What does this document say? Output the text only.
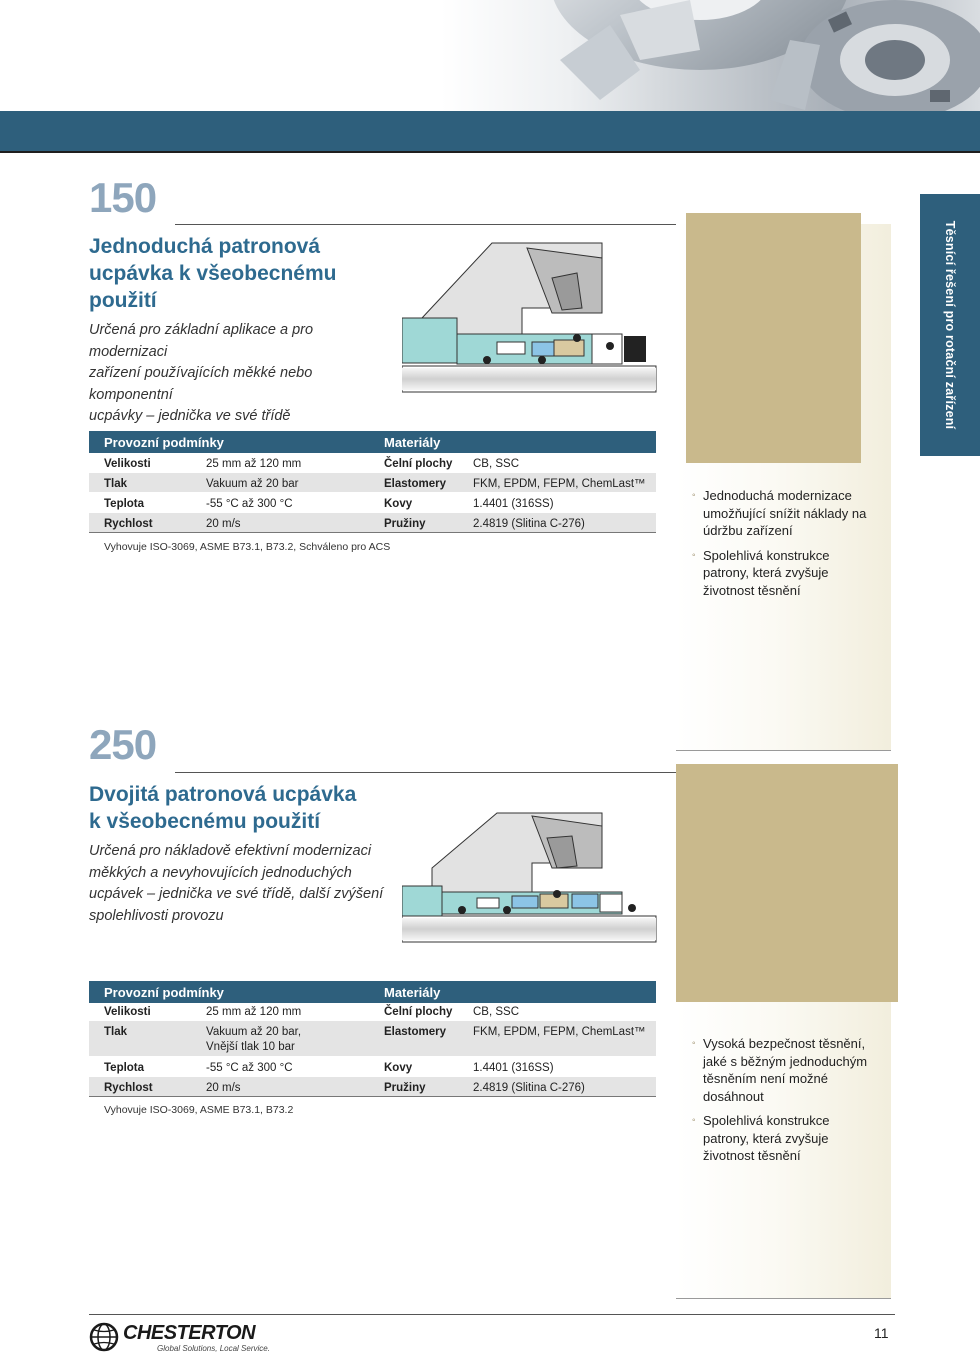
Těsnící řešení pro rotační zařízení
150
Jednoduchá patronová
ucpávka k všeobecnému
použití
Určená pro základní aplikace a pro modernizaci
zařízení používajících měkké nebo komponentní
ucpávky – jednička ve své třídě
Provozní podmínky	Materiály
Velikosti	25 mm až 120 mm	Čelní plochy CB, SSC
Tlak	Vakuum až 20 bar	Elastomery FKM, EPDM, FEPM, ChemLast™
Teplota	-55 °C až 300 °C	Kovy	1.4401 (316SS)
Rychlost	20 m/s	Pružiny	2.4819 (Slitina C-276)
Vyhovuje ISO-3069, ASME B73.1, B73.2, Schváleno pro ACS
◦ Jednoduchá modernizace umožňující snížit náklady na údržbu zařízení
◦ Spolehlivá konstrukce patrony, která zvyšuje životnost těsnění
250
Dvojitá patronová ucpávka
k všeobecnému použití
Určená pro nákladově efektivní modernizaci
měkkých a nevyhovujících jednoduchých
ucpávek – jednička ve své třídě, další zvýšení
spolehlivosti provozu
Provozní podmínky	Materiály
Velikosti	25 mm až 120 mm	Čelní plochy CB, SSC
Tlak	Vakuum až 20 bar,
Vnější tlak 10 bar
Elastomery FKM, EPDM, FEPM, ChemLast™
Teplota	-55 °C až 300 °C	Kovy	1.4401 (316SS)
Rychlost	20 m/s	Pružiny	2.4819 (Slitina C-276)
Vyhovuje ISO-3069, ASME B73.1, B73.2
◦ Vysoká bezpečnost těsnění, jaké s běžným jednoduchým těsněním není možné dosáhnout
◦ Spolehlivá konstrukce patrony, která zvyšuje životnost těsnění
CHESTERTON
Global Solutions, Local Service.
11
